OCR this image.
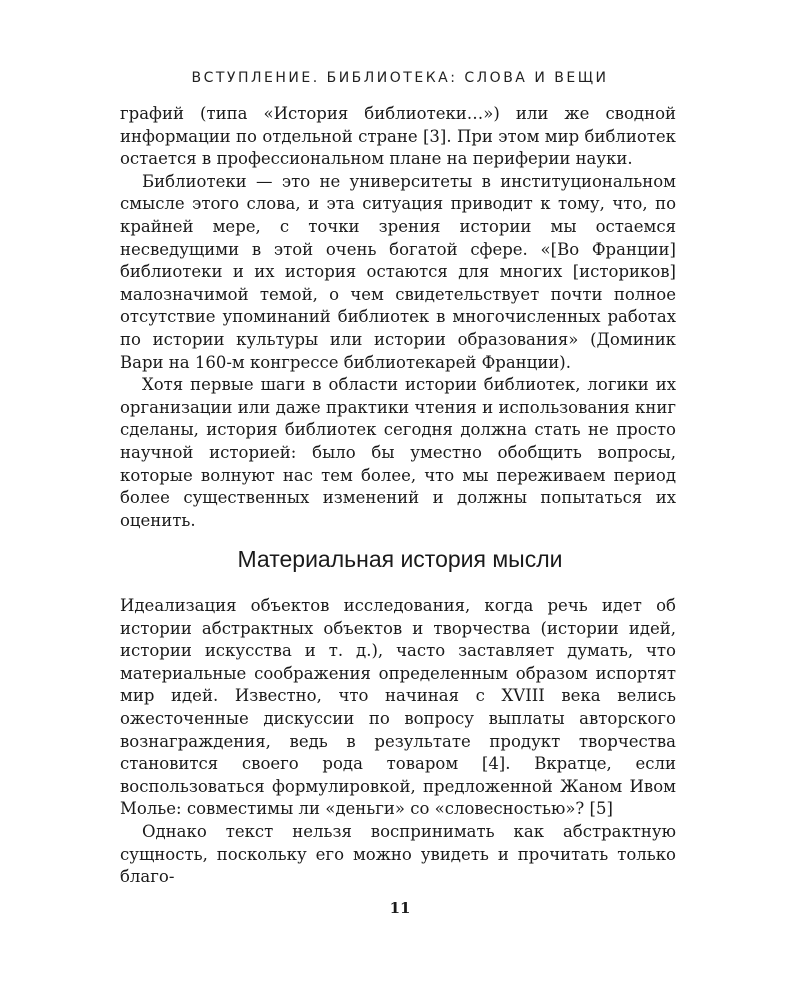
ВСТУПЛЕНИЕ. БИБЛИОТЕКА: СЛОВА И ВЕЩИ

графий (типа «История библиотеки…») или же сводной информации по отдельной стране [3]. При этом мир библиотек остается в профессиональном плане на периферии науки.

Библиотеки — это не университеты в институциональном смысле этого слова, и эта ситуация приводит к тому, что, по крайней мере, с точки зрения истории мы остаемся несведущими в этой очень богатой сфере. «[Во Франции] библиотеки и их история остаются для многих [историков] малозначимой темой, о чем свидетельствует почти полное отсутствие упоминаний библиотек в многочисленных работах по истории культуры или истории образования» (Доминик Вари на 160-м конгрессе библиотекарей Франции).

Хотя первые шаги в области истории библиотек, логики их организации или даже практики чтения и использования книг сделаны, история библиотек сегодня должна стать не просто научной историей: было бы уместно обобщить вопросы, которые волнуют нас тем более, что мы переживаем период более существенных изменений и должны попытаться их оценить.

Материальная история мысли

Идеализация объектов исследования, когда речь идет об истории абстрактных объектов и творчества (истории идей, истории искусства и т. д.), часто заставляет думать, что материальные соображения определенным образом испортят мир идей. Известно, что начиная с XVIII века велись ожесточенные дискуссии по вопросу выплаты авторского вознаграждения, ведь в результате продукт творчества становится своего рода товаром [4]. Вкратце, если воспользоваться формулировкой, предложенной Жаном Ивом Молье: совместимы ли «деньги» со «словесностью»? [5]

Однако текст нельзя воспринимать как абстрактную сущность, поскольку его можно увидеть и прочитать только благо-

11
